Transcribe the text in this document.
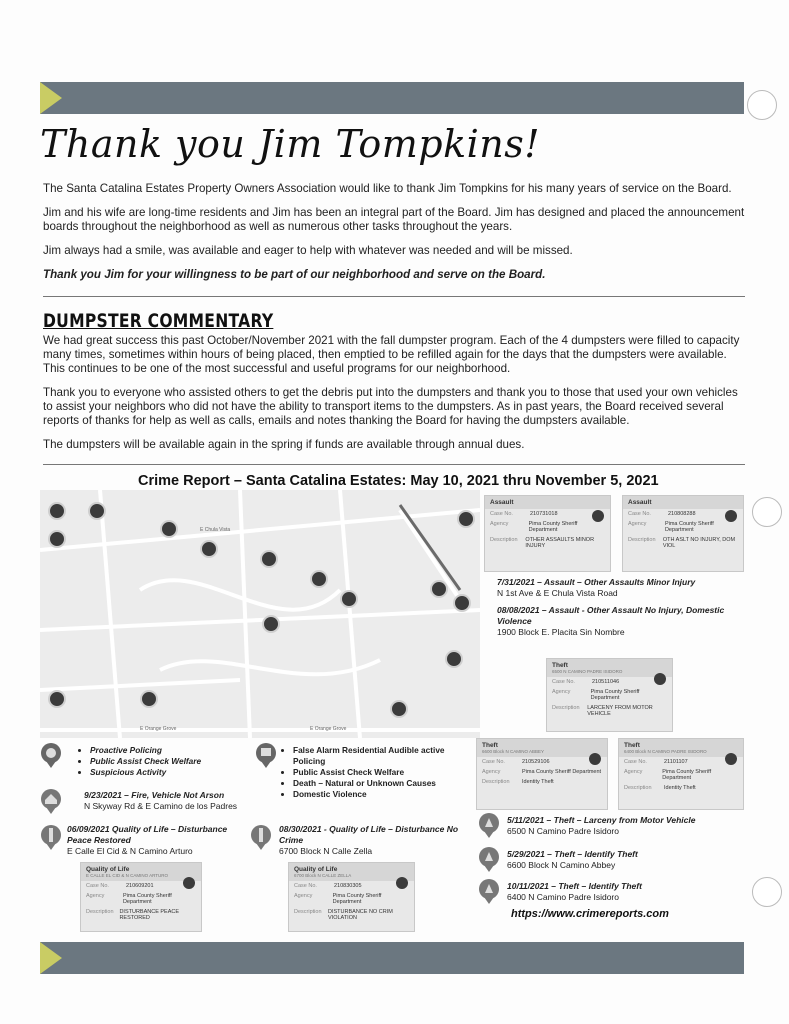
Thank you Jim Tompkins!
The Santa Catalina Estates Property Owners Association would like to thank Jim Tompkins for his many years of service on the Board.
Jim and his wife are long-time residents and Jim has been an integral part of the Board. Jim has designed and placed the announcement boards throughout the neighborhood as well as numerous other tasks throughout the years.
Jim always had a smile, was available and eager to help with whatever was needed and will be missed.
Thank you Jim for your willingness to be part of our neighborhood and serve on the Board.
DUMPSTER COMMENTARY
We had great success this past October/November 2021 with the fall dumpster program. Each of the 4 dumpsters were filled to capacity many times, sometimes within hours of being placed, then emptied to be refilled again for the days that the dumpsters were available. This continues to be one of the most successful and useful programs for our neighborhood.
Thank you to everyone who assisted others to get the debris put into the dumpsters and thank you to those that used your own vehicles to assist your neighbors who did not have the ability to transport items to the dumpsters. As in past years, the Board received several reports of thanks for help as well as calls, emails and notes thanking the Board for having the dumpsters available.
The dumpsters will be available again in the spring if funds are available through annual dues.
Crime Report – Santa Catalina Estates: May 10, 2021 thru November 5, 2021
E Chula Vista
E Orange Grove	E Orange Grove
Assault
Case No.	210731018
Agency	Pima County Sheriff Department
Description	OTHER ASSAULTS MINOR INJURY
Assault
Case No.	210808288
Agency	Pima County Sheriff Department
Description	OTH ASLT NO INJURY, DOM VIOL
7/31/2021 – Assault – Other Assaults Minor Injury
N 1st Ave & E Chula Vista Road
08/08/2021 – Assault - Other Assault No Injury, Domestic Violence
1900 Block E. Placita Sin Nombre
Theft
6500 N CAMINO PADRE ISIDORO
Case No.	210511046
Agency	Pima County Sheriff Department
Description	LARCENY FROM MOTOR VEHICLE
Theft
6600 Block N CAMINO ABBEY
Case No.	210529106
Agency	Pima County Sheriff Department
Description	Identity Theft
Theft
6400 Block N CAMINO PADRE ISIDORO
Case No.	21101107
Agency	Pima County Sheriff Department
Description	Identity Theft
• Proactive Policing
• Public Assist Check Welfare
• Suspicious Activity
• False Alarm Residential Audible active Policing
• Public Assist Check Welfare
• Death – Natural or Unknown Causes
• Domestic Violence
9/23/2021 – Fire, Vehicle Not Arson
N Skyway Rd & E Camino de los Padres
06/09/2021 Quality of Life – Disturbance Peace Restored
E Calle El Cid & N Camino Arturo
08/30/2021 - Quality of Life – Disturbance No Crime
6700 Block N Calle Zella
Quality of Life
E CALLE EL CID & N CAMINO ARTURO
Case No.	210609201
Agency	Pima County Sheriff Department
Description	DISTURBANCE PEACE RESTORED
Quality of Life
6700 Block N CALLE ZELLA
Case No.	210830305
Agency	Pima County Sheriff Department
Description	DISTURBANCE NO CRIM VIOLATION
5/11/2021 – Theft – Larceny from Motor Vehicle
6500 N Camino Padre Isidoro
5/29/2021 – Theft – Identify Theft
6600 Block N Camino Abbey
10/11/2021 – Theft – Identify Theft
6400 N Camino Padre Isidoro
https://www.crimereports.com
